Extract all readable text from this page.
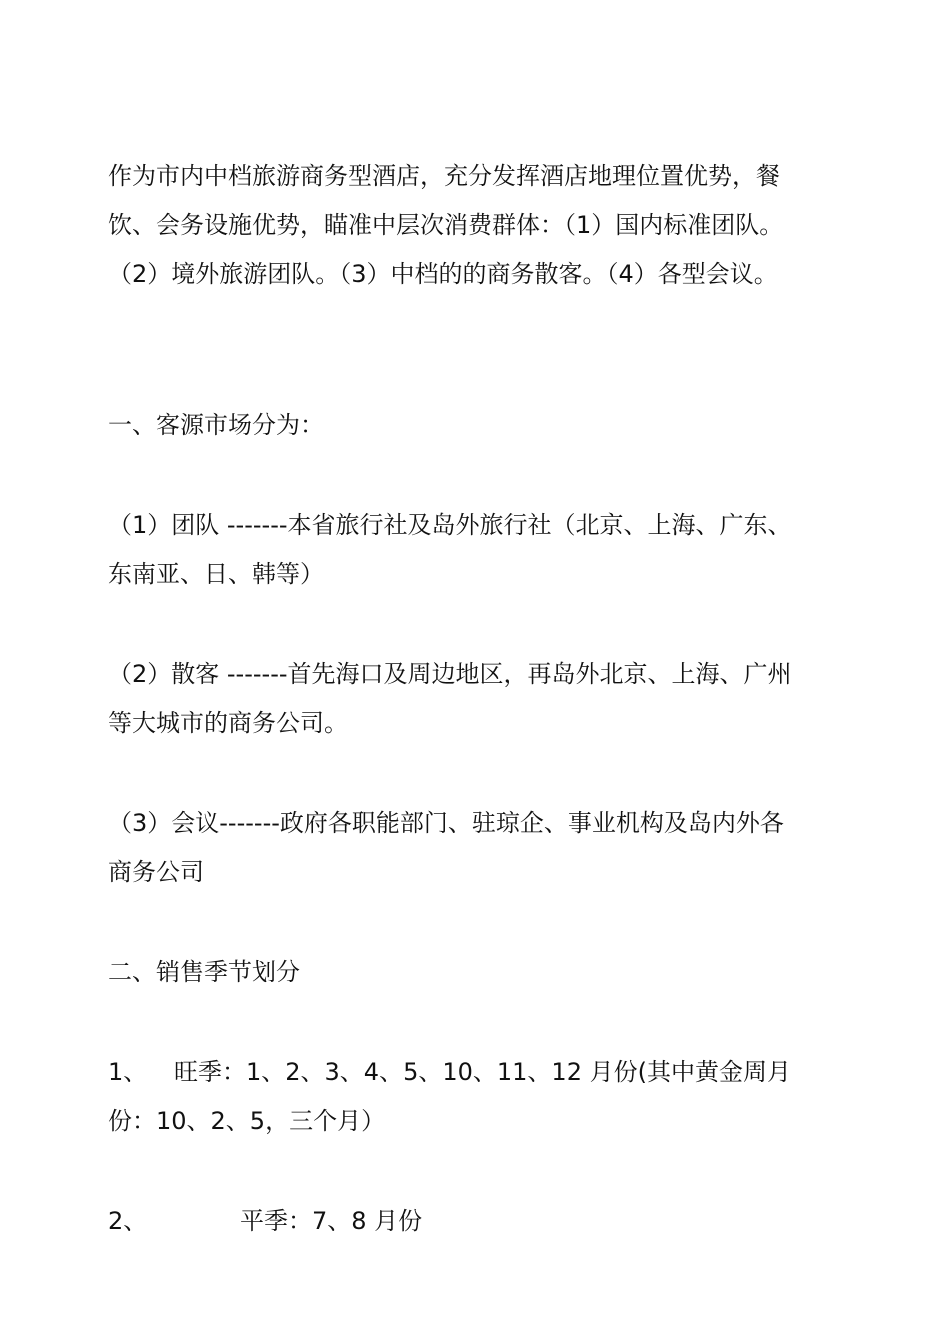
作为市内中档旅游商务型酒店，充分发挥酒店地理位置优势，餐
饮、会务设施优势，瞄准中层次消费群体：（1）国内标准团队。
（2）境外旅游团队。（3）中档的的商务散客。（4）各型会议。

一、客源市场分为：

（1）团队 -------本省旅行社及岛外旅行社（北京、上海、广东、
东南亚、日、韩等）

（2）散客 -------首先海口及周边地区，再岛外北京、上海、广州
等大城市的商务公司。

（3）会议-------政府各职能部门、驻琼企、事业机构及岛内外各
商务公司

二、销售季节划分

1、 旺季：1、2、3、4、5、10、11、12 月份(其中黄金周月
份：10、2、5，三个月）

2、	平季：7、8 月份
